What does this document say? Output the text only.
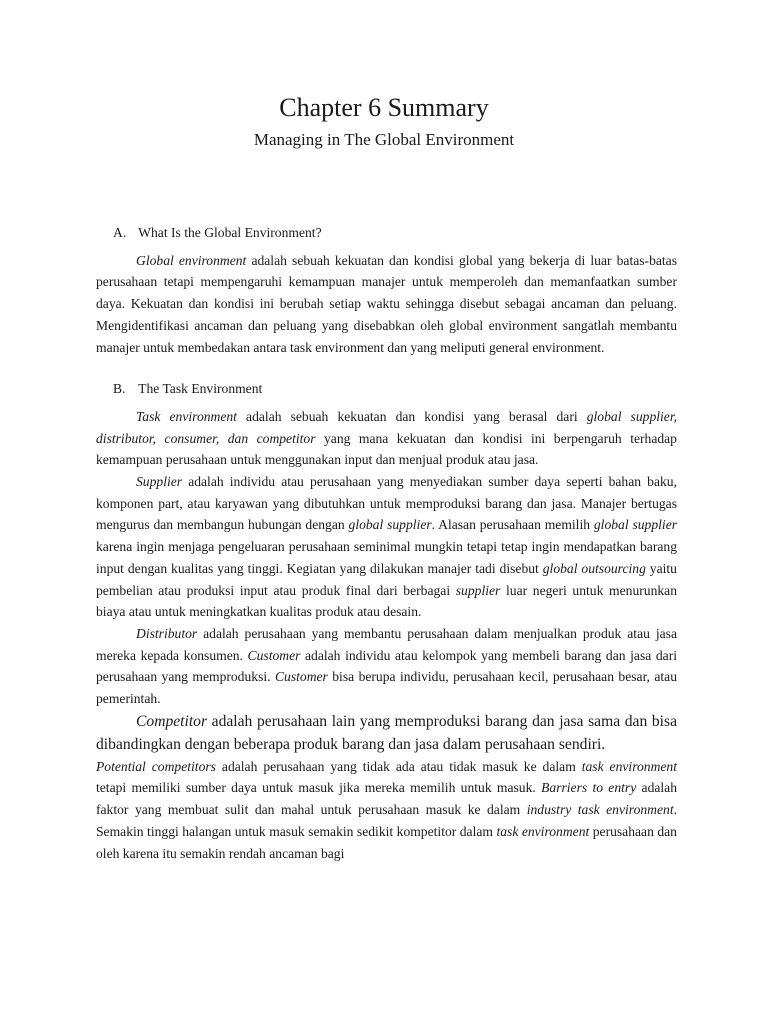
Chapter 6 Summary
Managing in The Global Environment

A. What Is the Global Environment?

Global environment adalah sebuah kekuatan dan kondisi global yang bekerja di luar batas-batas perusahaan tetapi mempengaruhi kemampuan manajer untuk memperoleh dan memanfaatkan sumber daya. Kekuatan dan kondisi ini berubah setiap waktu sehingga disebut sebagai ancaman dan peluang. Mengidentifikasi ancaman dan peluang yang disebabkan oleh global environment sangatlah membantu manajer untuk membedakan antara task environment dan yang meliputi general environment.

B. The Task Environment

Task environment adalah sebuah kekuatan dan kondisi yang berasal dari global supplier, distributor, consumer, dan competitor yang mana kekuatan dan kondisi ini berpengaruh terhadap kemampuan perusahaan untuk menggunakan input dan menjual produk atau jasa.

Supplier adalah individu atau perusahaan yang menyediakan sumber daya seperti bahan baku, komponen part, atau karyawan yang dibutuhkan untuk memproduksi barang dan jasa. Manajer bertugas mengurus dan membangun hubungan dengan global supplier. Alasan perusahaan memilih global supplier karena ingin menjaga pengeluaran perusahaan seminimal mungkin tetapi tetap ingin mendapatkan barang input dengan kualitas yang tinggi. Kegiatan yang dilakukan manajer tadi disebut global outsourcing yaitu pembelian atau produksi input atau produk final dari berbagai supplier luar negeri untuk menurunkan biaya atau untuk meningkatkan kualitas produk atau desain.

Distributor adalah perusahaan yang membantu perusahaan dalam menjualkan produk atau jasa mereka kepada konsumen. Customer adalah individu atau kelompok yang membeli barang dan jasa dari perusahaan yang memproduksi. Customer bisa berupa individu, perusahaan kecil, perusahaan besar, atau pemerintah.

Competitor adalah perusahaan lain yang memproduksi barang dan jasa sama dan bisa dibandingkan dengan beberapa produk barang dan jasa dalam perusahaan sendiri.

Potential competitors adalah perusahaan yang tidak ada atau tidak masuk ke dalam task environment tetapi memiliki sumber daya untuk masuk jika mereka memilih untuk masuk. Barriers to entry adalah faktor yang membuat sulit dan mahal untuk perusahaan masuk ke dalam industry task environment. Semakin tinggi halangan untuk masuk semakin sedikit kompetitor dalam task environment perusahaan dan oleh karena itu semakin rendah ancaman bagi
